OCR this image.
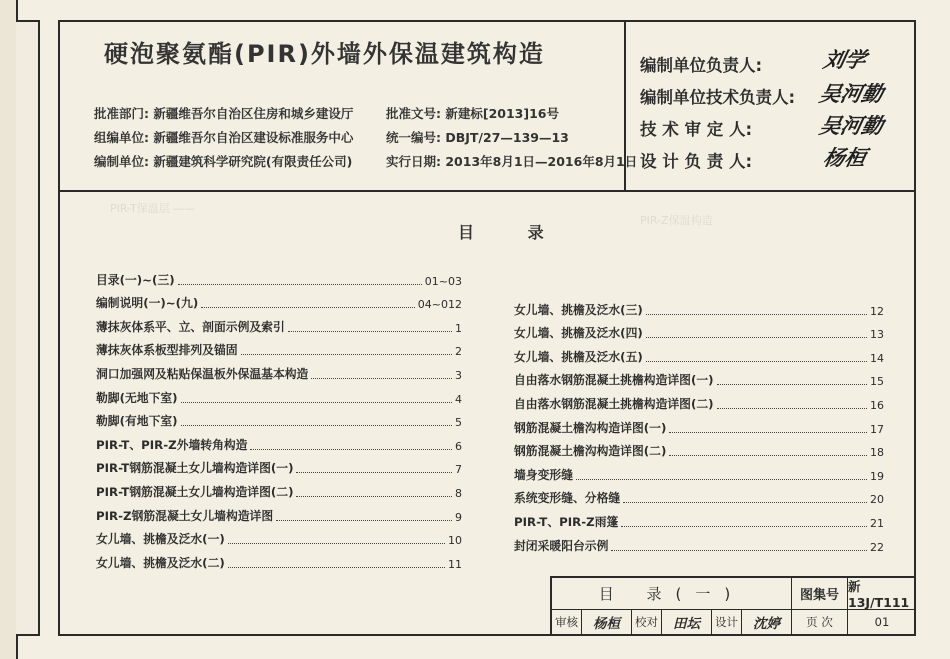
硬泡聚氨酯(PIR)外墙外保温建筑构造
批准部门: 新疆维吾尔自治区住房和城乡建设厅	批准文号: 新建标[2013]16号
组编单位: 新疆维吾尔自治区建设标准服务中心	统一编号: DBJT/27—139—13
编制单位: 新疆建筑科学研究院(有限责任公司)	实行日期: 2013年8月1日—2016年8月1日
编制单位负责人:	刘学
编制单位技术负责人: 吴河勤
技 术 审 定 人:	吴河勤
设 计 负 责 人:	杨桓
PIR-T保温层 ——
PIR-Z保温构造
目 录
目录(一)~(三)	01~03
编制说明(一)~(九)	04~012
薄抹灰体系平、立、剖面示例及索引	1
薄抹灰体系板型排列及锚固	2
洞口加强网及粘贴保温板外保温基本构造	3
勒脚(无地下室)	4
勒脚(有地下室)	5
PIR-T、PIR-Z外墙转角构造	6
PIR-T钢筋混凝土女儿墙构造详图(一)	7
PIR-T钢筋混凝土女儿墙构造详图(二)	8
PIR-Z钢筋混凝土女儿墙构造详图	9
女儿墙、挑檐及泛水(一)	10
女儿墙、挑檐及泛水(二)	11
女儿墙、挑檐及泛水(三)	12
女儿墙、挑檐及泛水(四)	13
女儿墙、挑檐及泛水(五)	14
自由落水钢筋混凝土挑檐构造详图(一)	15
自由落水钢筋混凝土挑檐构造详图(二)	16
钢筋混凝土檐沟构造详图(一)	17
钢筋混凝土檐沟构造详图(二)	18
墙身变形缝	19
系统变形缝、分格缝	20
PIR-T、PIR-Z雨篷	21
封闭采暖阳台示例	22
目 录(一)	图集号
新13J/T111
审核	杨桓	校对	田坛	设计	沈婷	页 次	01
